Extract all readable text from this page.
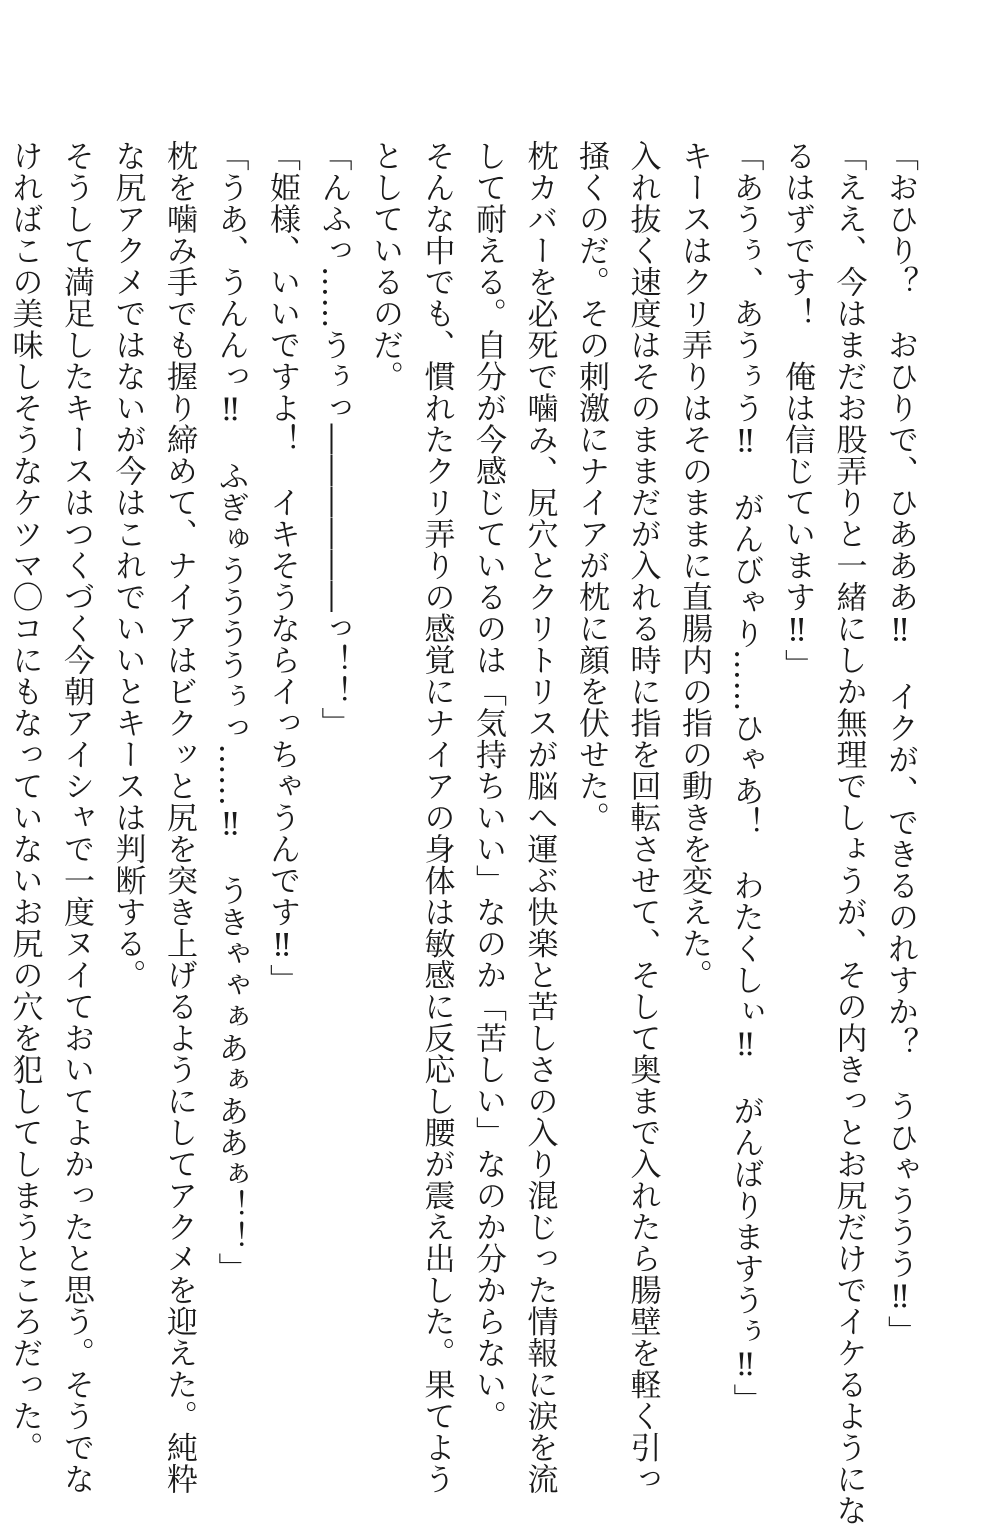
「おひり？　おひりで、ひあああ‼　イクが、できるのれすか？　うひゃううう‼」
「ええ、今はまだお股弄りと一緒にしか無理でしょうが、その内きっとお尻だけでイケるようにな
るはずです！　俺は信じています‼」
「あうぅ、あうぅう‼　がんびゃり……ひゃあ！　わたくしぃ‼　がんばりますうぅ‼」
キースはクリ弄りはそのままに直腸内の指の動きを変えた。
入れ抜く速度はそのままだが入れる時に指を回転させて、そして奥まで入れたら腸壁を軽く引っ
掻くのだ。その刺激にナイアが枕に顔を伏せた。
枕カバーを必死で噛み、尻穴とクリトリスが脳へ運ぶ快楽と苦しさの入り混じった情報に涙を流
して耐える。自分が今感じているのは「気持ちいい」なのか「苦しい」なのか分からない。
そんな中でも、慣れたクリ弄りの感覚にナイアの身体は敏感に反応し腰が震え出した。果てよう
としているのだ。
「んふっ……うぅっ――――――っ！！」
「姫様、いいですよ！　イキそうならイっちゃうんです‼」
「うあ、うんんっ‼　ふぎゅううううぅっ……‼　うきゃゃぁあぁああぁ！！」
枕を噛み手でも握り締めて、ナイアはビクッと尻を突き上げるようにしてアクメを迎えた。純粋
な尻アクメではないが今はこれでいいとキースは判断する。
そうして満足したキースはつくづく今朝アイシャで一度ヌイておいてよかったと思う。そうでな
ければこの美味しそうなケツマ〇コにもなっていないお尻の穴を犯してしまうところだった。
